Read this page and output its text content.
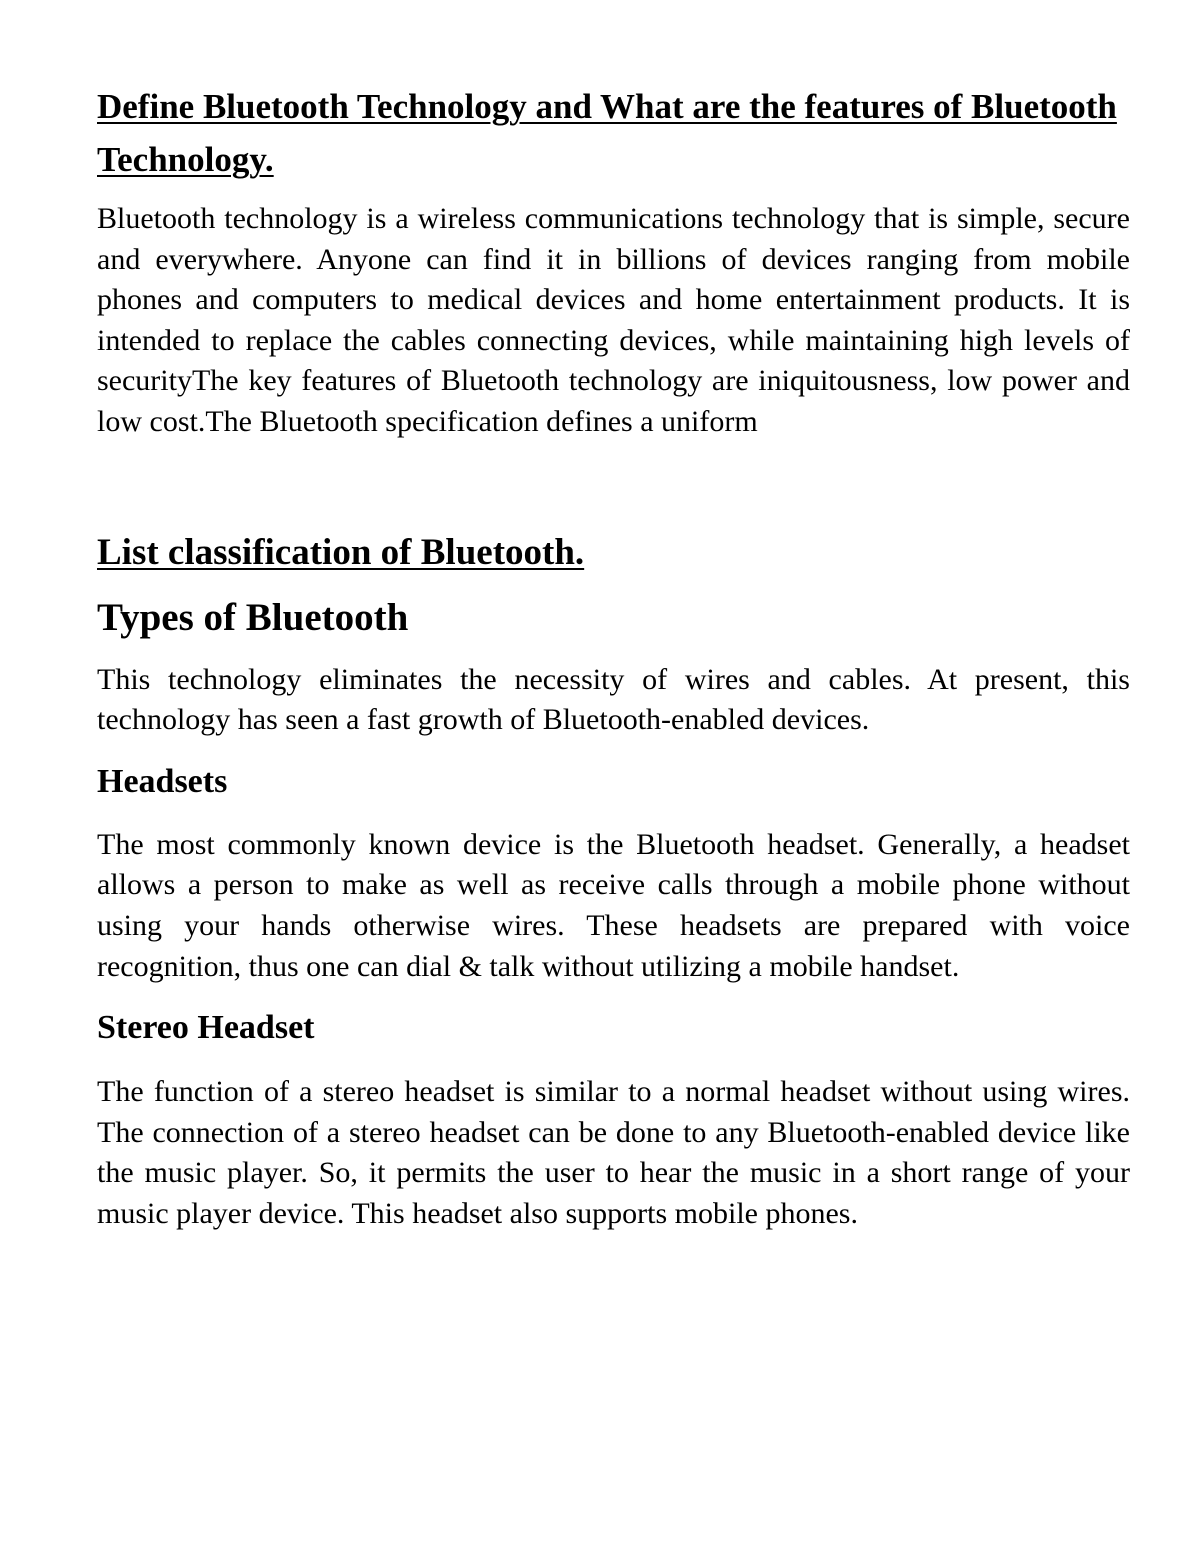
Define Bluetooth Technology and What are the features of Bluetooth Technology.

Bluetooth technology is a wireless communications technology that is simple, secure and everywhere. Anyone can find it in billions of devices ranging from mobile phones and computers to medical devices and home entertainment products. It is intended to replace the cables connecting devices, while maintaining high levels of securityThe key features of Bluetooth technology are iniquitousness, low power and low cost.The Bluetooth specification defines a uniform

List classification of Bluetooth.
Types of Bluetooth

This technology eliminates the necessity of wires and cables. At present, this technology has seen a fast growth of Bluetooth-enabled devices.

Headsets

The most commonly known device is the Bluetooth headset. Generally, a headset allows a person to make as well as receive calls through a mobile phone without using your hands otherwise wires. These headsets are prepared with voice recognition, thus one can dial & talk without utilizing a mobile handset.

Stereo Headset

The function of a stereo headset is similar to a normal headset without using wires. The connection of a stereo headset can be done to any Bluetooth-enabled device like the music player. So, it permits the user to hear the music in a short range of your music player device. This headset also supports mobile phones.
